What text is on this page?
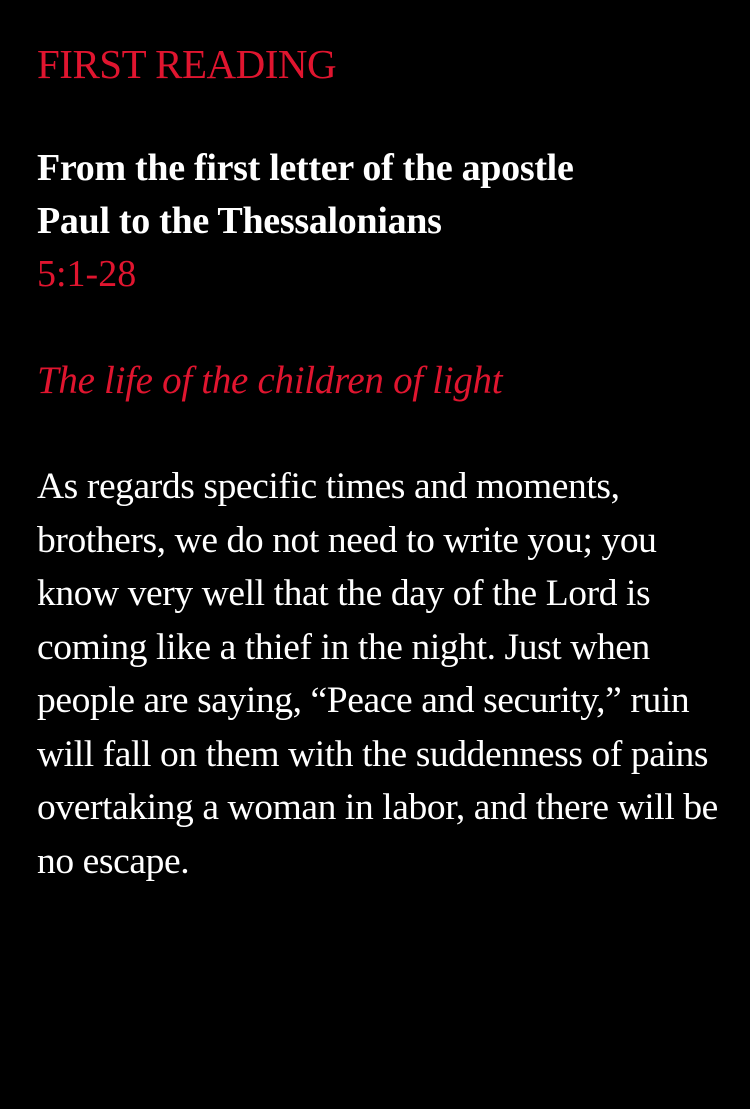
FIRST READING
From the first letter of the apostle Paul to the Thessalonians
5:1-28
The life of the children of light
As regards specific times and moments, brothers, we do not need to write you; you know very well that the day of the Lord is coming like a thief in the night. Just when people are saying, “Peace and security,” ruin will fall on them with the suddenness of pains overtaking a woman in labor, and there will be no escape.
